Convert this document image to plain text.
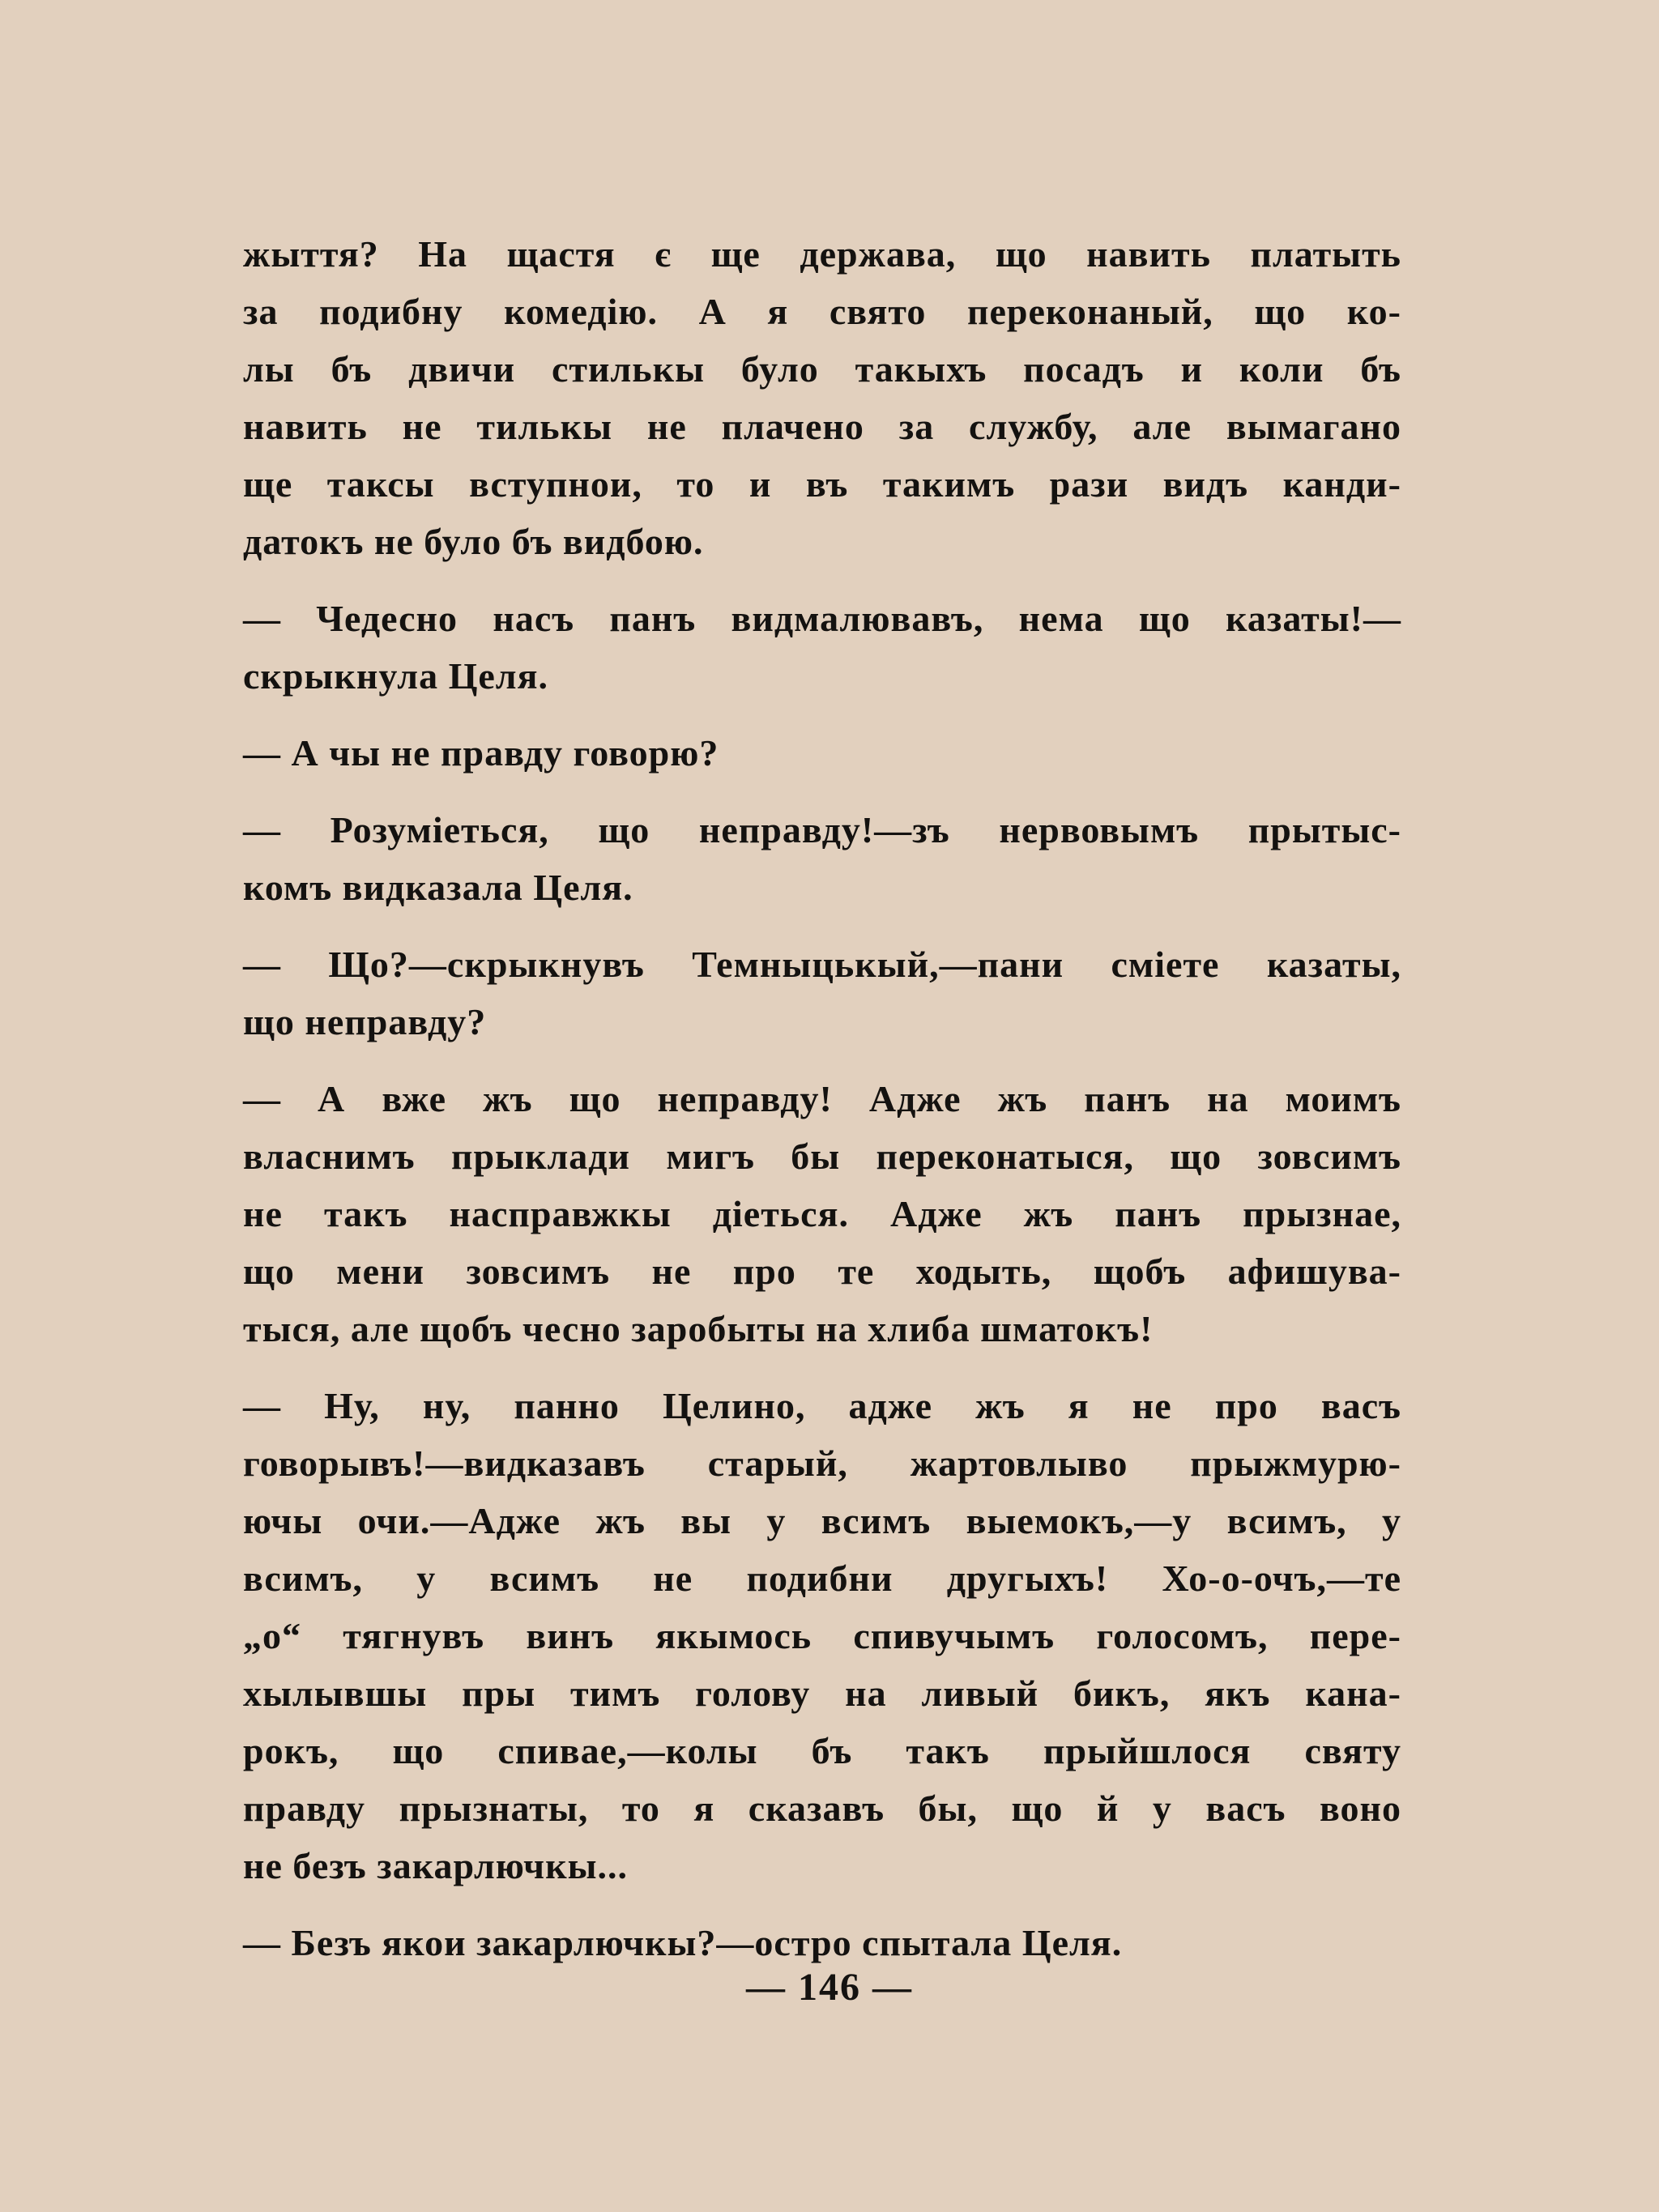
жыття? На щастя є ще держава, що навить платыть
за подибну комедію. А я свято переконаный, що ко-
лы бъ двичи стилькы було такыхъ посадъ и коли бъ
навить не тилькы не плачено за службу, але вымагано
ще таксы вступнои, то и въ такимъ рази видъ канди-
датокъ не було бъ видбою.
— Чедесно насъ панъ видмалювавъ, нема що казаты!—
скрыкнула Целя.
— А чы не правду говорю?
— Розуміеться, що неправду!—зъ нервовымъ прытыс-
комъ видказала Целя.
— Що?—скрыкнувъ Темныцькый,—пани сміете казаты,
що неправду?
— А вже жъ що неправду! Адже жъ панъ на моимъ
власнимъ прыклади мигъ бы переконатыся, що зовсимъ
не такъ насправжкы діеться. Адже жъ панъ прызнае,
що мени зовсимъ не про те ходыть, щобъ афишува-
тыся, але щобъ чесно заробыты на хлиба шматокъ!
— Ну, ну, панно Целино, адже жъ я не про васъ
говорывъ!—видказавъ старый, жартовлыво прыжмурю-
ючы очи.—Адже жъ вы у всимъ выемокъ,—у всимъ, у
всимъ, у всимъ не подибни другыхъ! Хо-о-очъ,—те
„о“ тягнувъ винъ якымось спивучымъ голосомъ, пере-
хылывшы пры тимъ голову на ливый бикъ, якъ кана-
рокъ, що спивае,—колы бъ такъ прыйшлося святу
правду прызнаты, то я сказавъ бы, що й у васъ воно
не безъ закарлючкы...
— Безъ якои закарлючкы?—остро спытала Целя.
— 146 —
